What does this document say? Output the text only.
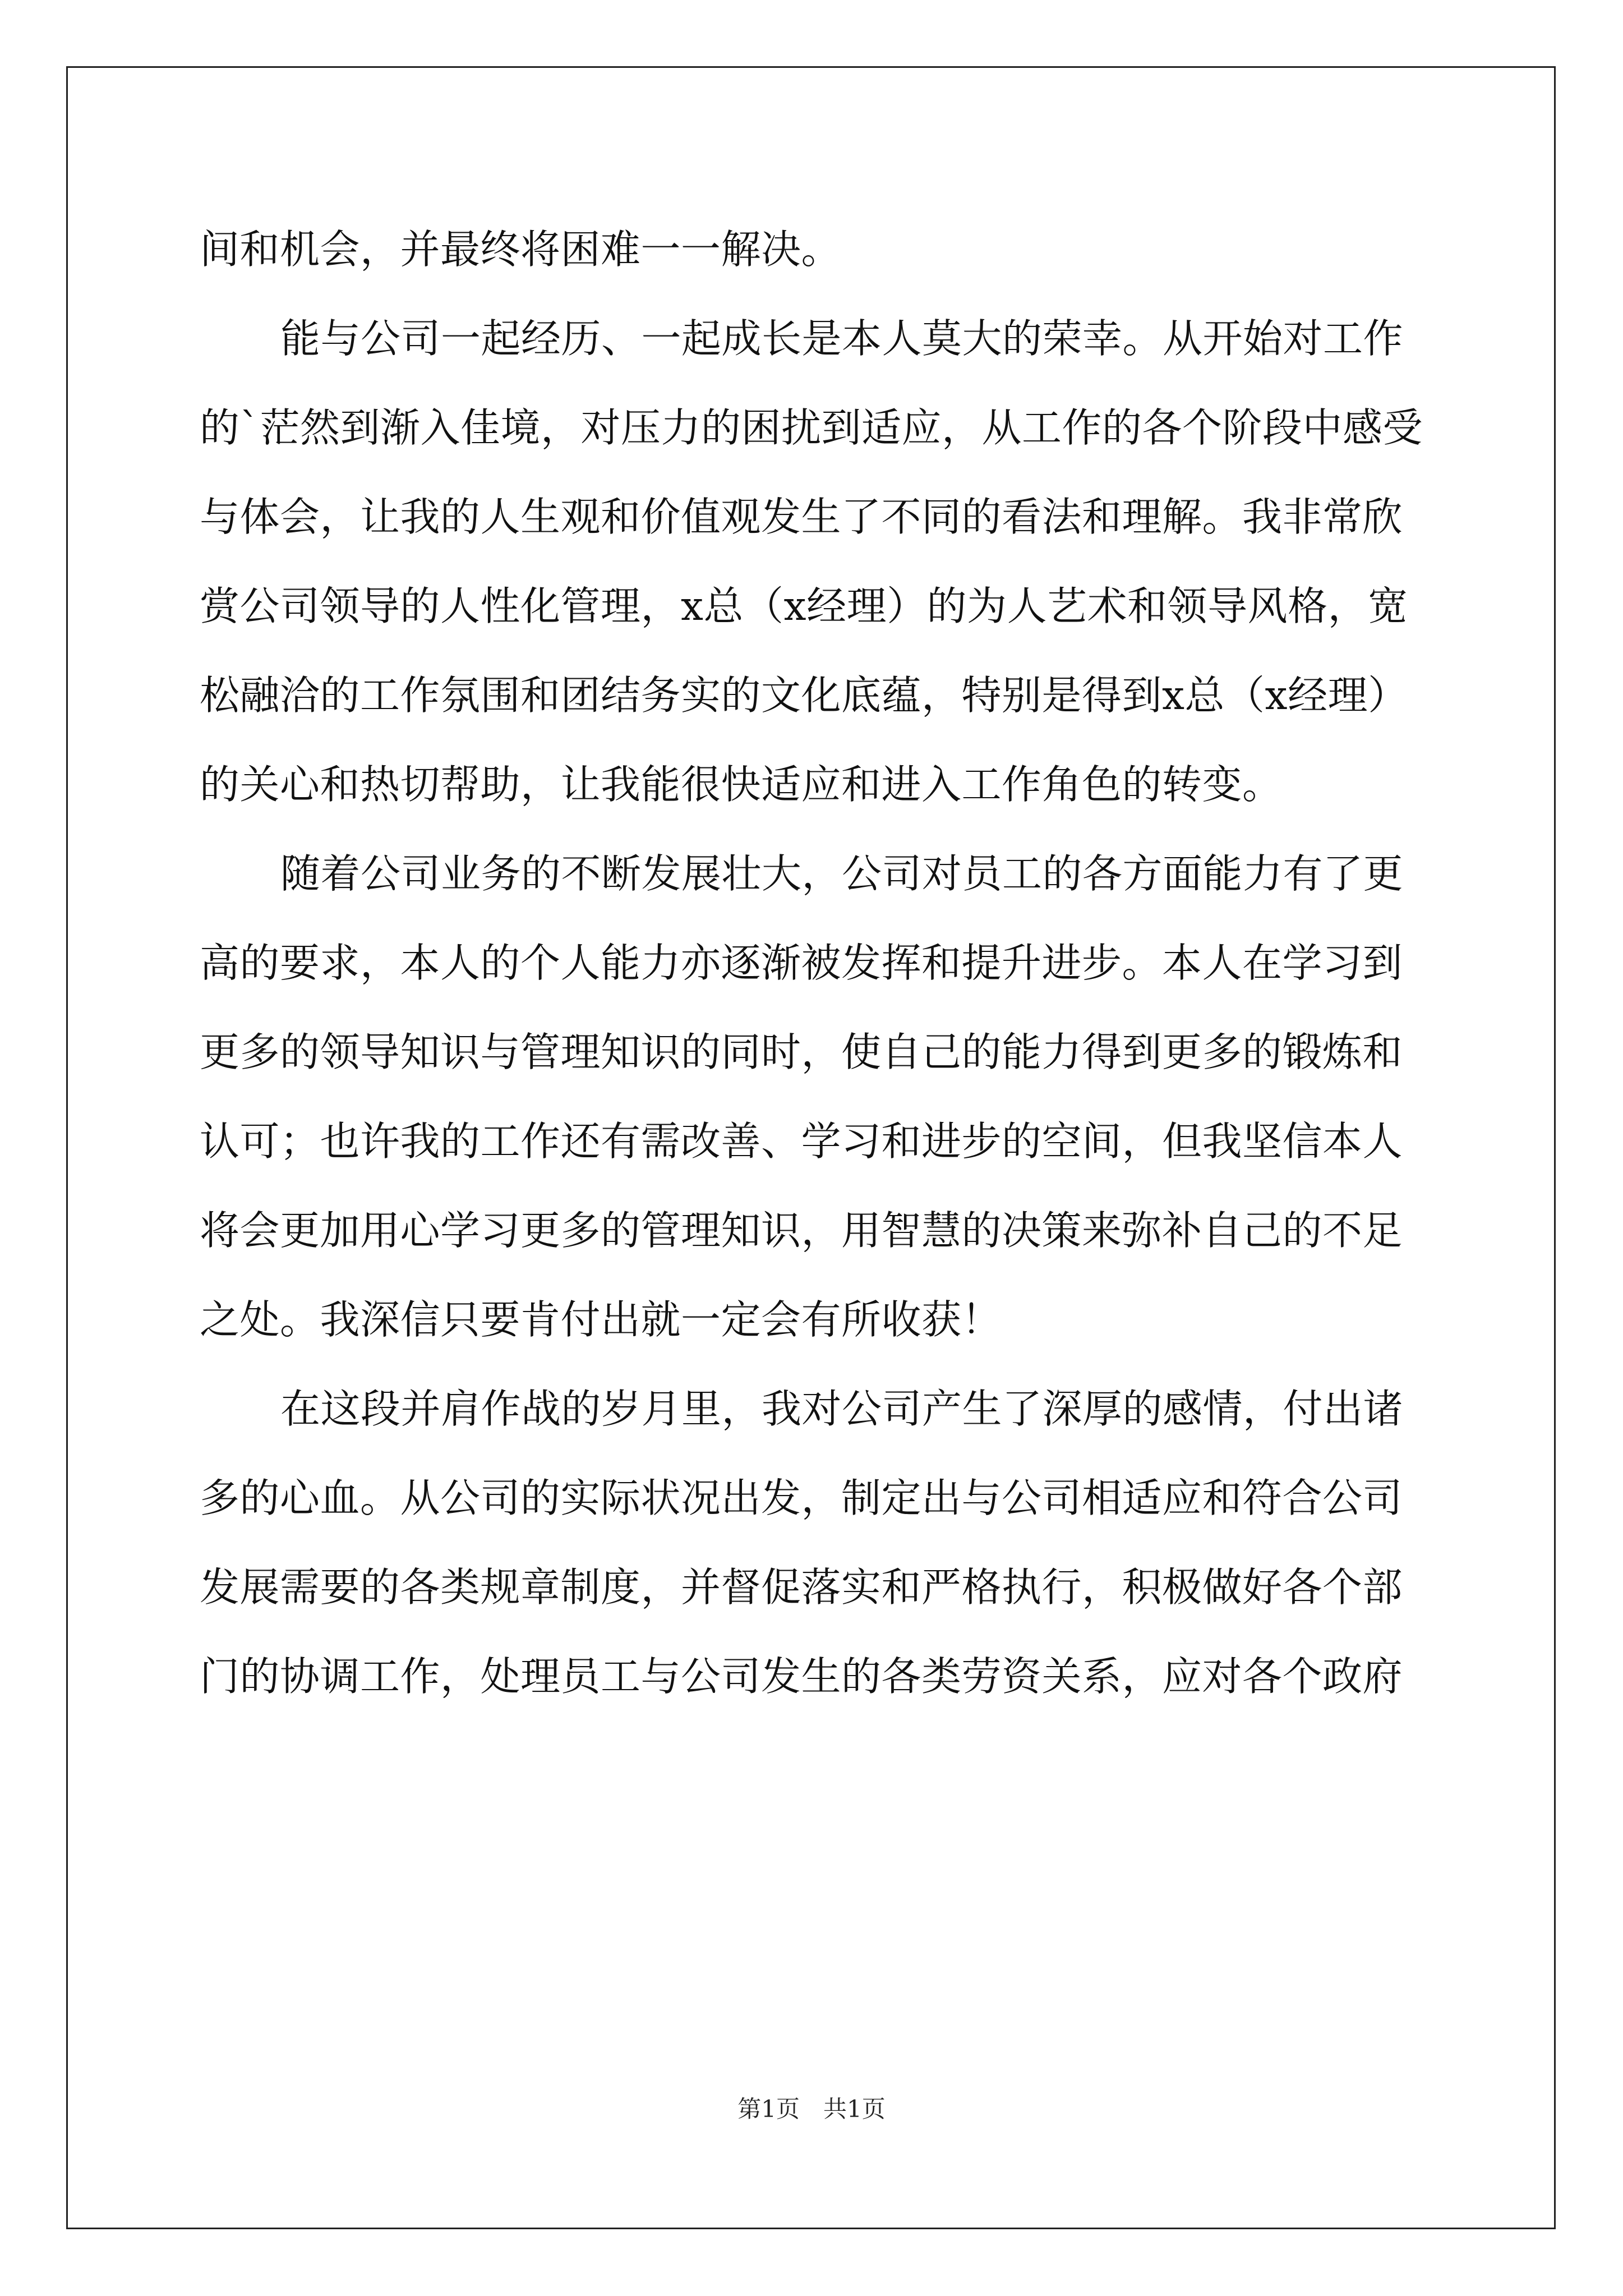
间和机会，并最终将困难一一解决。

能与公司一起经历、一起成长是本人莫大的荣幸。从开始对工作

的`茫然到渐入佳境，对压力的困扰到适应，从工作的各个阶段中感受

与体会，让我的人生观和价值观发生了不同的看法和理解。我非常欣

赏公司领导的人性化管理，x总（x经理）的为人艺术和领导风格，宽

松融洽的工作氛围和团结务实的文化底蕴，特别是得到x总（x经理）

的关心和热切帮助，让我能很快适应和进入工作角色的转变。

随着公司业务的不断发展壮大，公司对员工的各方面能力有了更

高的要求，本人的个人能力亦逐渐被发挥和提升进步。本人在学习到

更多的领导知识与管理知识的同时，使自己的能力得到更多的锻炼和

认可；也许我的工作还有需改善、学习和进步的空间，但我坚信本人

将会更加用心学习更多的管理知识，用智慧的决策来弥补自己的不足

之处。我深信只要肯付出就一定会有所收获！

在这段并肩作战的岁月里，我对公司产生了深厚的感情，付出诸

多的心血。从公司的实际状况出发，制定出与公司相适应和符合公司

发展需要的各类规章制度，并督促落实和严格执行，积极做好各个部

门的协调工作，处理员工与公司发生的各类劳资关系，应对各个政府

第1页　共1页
